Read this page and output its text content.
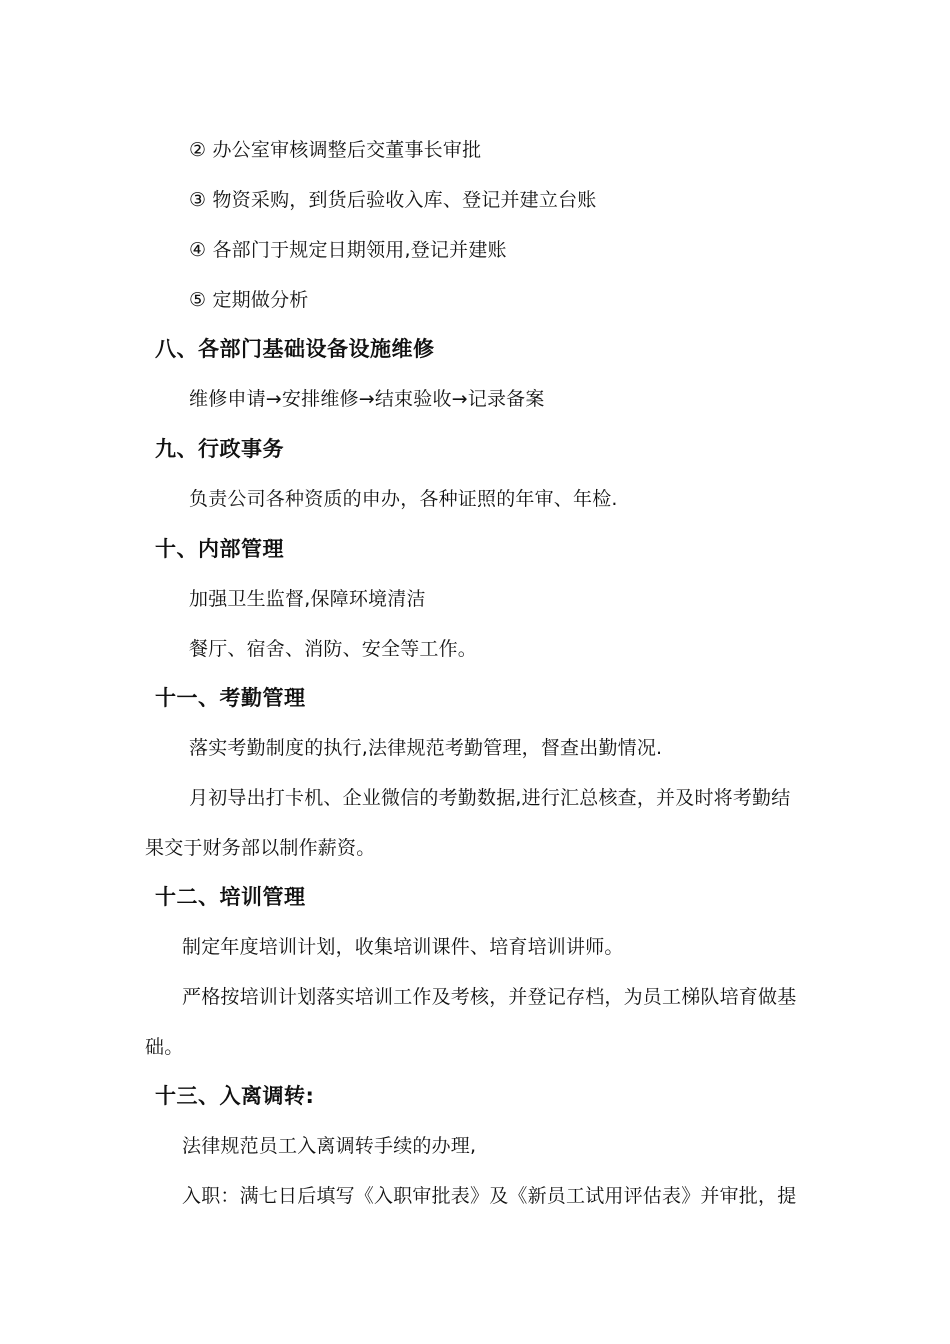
② 办公室审核调整后交董事长审批
③ 物资采购，到货后验收入库、登记并建立台账
④ 各部门于规定日期领用,登记并建账
⑤ 定期做分析
八、各部门基础设备设施维修
维修申请→安排维修→结束验收→记录备案
九、行政事务
负责公司各种资质的申办，各种证照的年审、年检.
十、内部管理
加强卫生监督,保障环境清洁
餐厅、宿舍、消防、安全等工作。
十一、考勤管理
落实考勤制度的执行,法律规范考勤管理，督查出勤情况.
月初导出打卡机、企业微信的考勤数据,进行汇总核查，并及时将考勤结
果交于财务部以制作薪资。
十二、培训管理
制定年度培训计划，收集培训课件、培育培训讲师。
严格按培训计划落实培训工作及考核，并登记存档，为员工梯队培育做基
础。
十三、入离调转:
法律规范员工入离调转手续的办理,
入职：满七日后填写《入职审批表》及《新员工试用评估表》并审批，提
